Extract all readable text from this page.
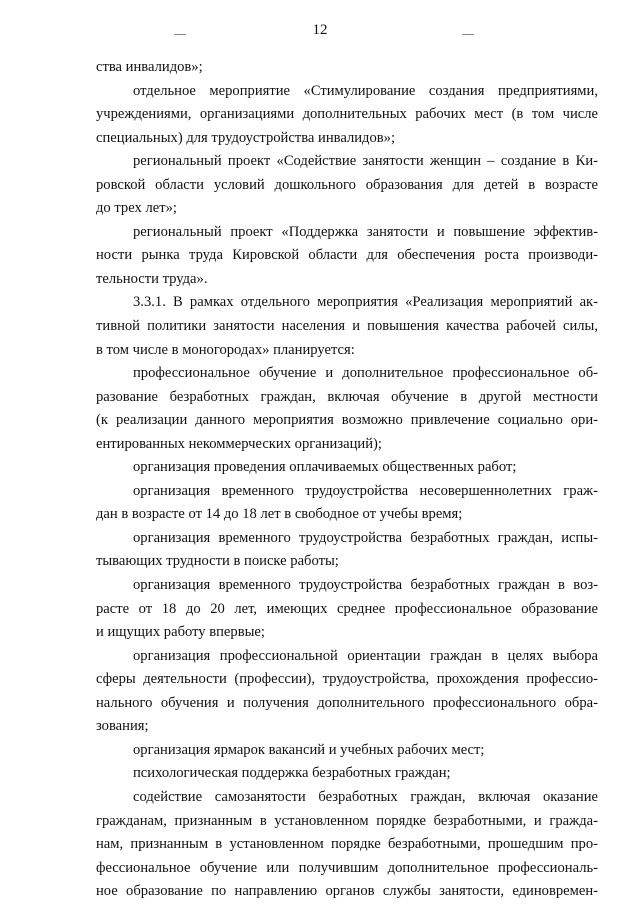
12
ства инвалидов»;
отдельное мероприятие «Стимулирование создания предприятиями,
учреждениями, организациями дополнительных рабочих мест (в том числе
специальных) для трудоустройства инвалидов»;
региональный проект «Содействие занятости женщин – создание в Ки-
ровской области условий дошкольного образования для детей в возрасте
до трех лет»;
региональный проект «Поддержка занятости и повышение эффектив-
ности рынка труда Кировской области для обеспечения роста производи-
тельности труда».
3.3.1. В рамках отдельного мероприятия «Реализация мероприятий ак-
тивной политики занятости населения и повышения качества рабочей силы,
в том числе в моногородах» планируется:
профессиональное обучение и дополнительное профессиональное об-
разование безработных граждан, включая обучение в другой местности
(к реализации данного мероприятия возможно привлечение социально ори-
ентированных некоммерческих организаций);
организация проведения оплачиваемых общественных работ;
организация временного трудоустройства несовершеннолетних граж-
дан в возрасте от 14 до 18 лет в свободное от учебы время;
организация временного трудоустройства безработных граждан, испы-
тывающих трудности в поиске работы;
организация временного трудоустройства безработных граждан в воз-
расте от 18 до 20 лет, имеющих среднее профессиональное образование
и ищущих работу впервые;
организация профессиональной ориентации граждан в целях выбора
сферы деятельности (профессии), трудоустройства, прохождения профессио-
нального обучения и получения дополнительного профессионального обра-
зования;
организация ярмарок вакансий и учебных рабочих мест;
психологическая поддержка безработных граждан;
содействие самозанятости безработных граждан, включая оказание
гражданам, признанным в установленном порядке безработными, и гражда-
нам, признанным в установленном порядке безработными, прошедшим про-
фессиональное обучение или получившим дополнительное профессиональ-
ное образование по направлению органов службы занятости, единовремен-
